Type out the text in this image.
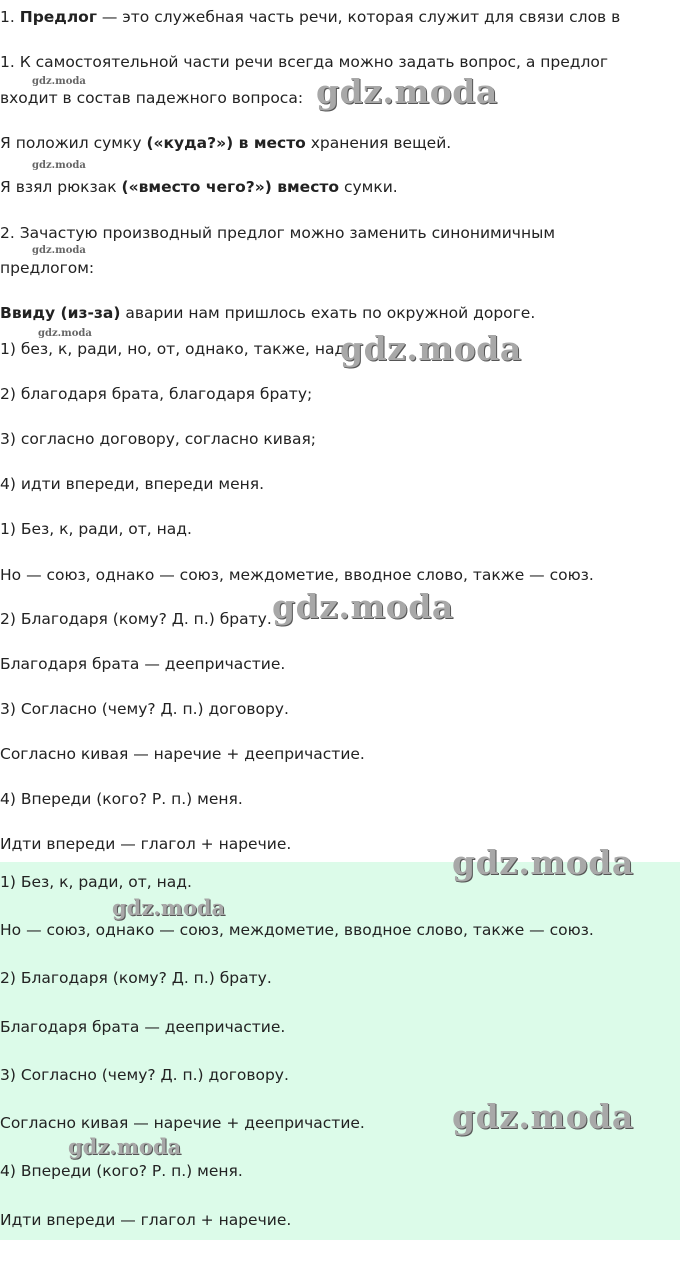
1. Предлог — это служебная часть речи, которая служит для связи слов в
1. К самостоятельной части речи всегда можно задать вопрос, а предлог
входит в состав падежного вопроса:
Я положил сумку («куда?») в место хранения вещей.
Я взял рюкзак («вместо чего?») вместо сумки.
2. Зачастую производный предлог можно заменить синонимичным
предлогом:
Ввиду (из-за) аварии нам пришлось ехать по окружной дороге.
1) без, к, ради, но, от, однако, также, над;
2) благодаря брата, благодаря брату;
3) согласно договору, согласно кивая;
4) идти впереди, впереди меня.
1) Без, к, ради, от, над.
Но — союз, однако — союз, междометие, вводное слово, также — союз.
2) Благодаря (кому? Д. п.) брату.
Благодаря брата — деепричастие.
3) Согласно (чему? Д. п.) договору.
Согласно кивая — наречие + деепричастие.
4) Впереди (кого? Р. п.) меня.
Идти впереди — глагол + наречие.
1) Без, к, ради, от, над.
Но — союз, однако — союз, междометие, вводное слово, также — союз.
2) Благодаря (кому? Д. п.) брату.
Благодаря брата — деепричастие.
3) Согласно (чему? Д. п.) договору.
Согласно кивая — наречие + деепричастие.
4) Впереди (кого? Р. п.) меня.
Идти впереди — глагол + наречие.
gdz.moda	gdz.moda
gdz.moda
gdz.moda
gdz.moda	gdz.moda
gdz.moda
gdz.moda
gdz.moda
gdz.moda
gdz.moda
